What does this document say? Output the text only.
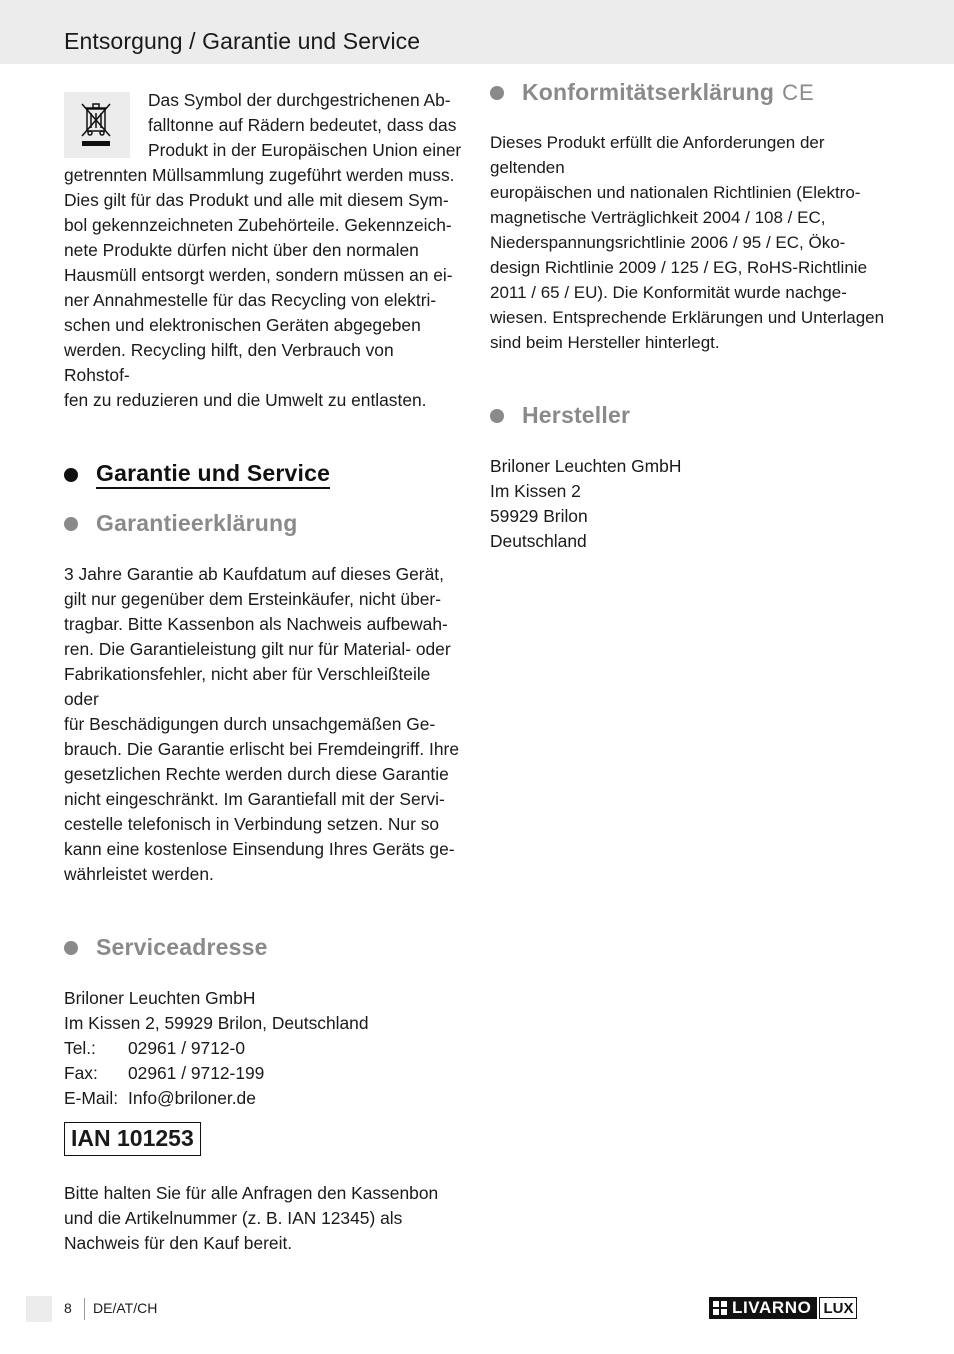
Entsorgung / Garantie und Service
Das Symbol der durchgestrichenen Ab-
falltonne auf Rädern bedeutet, dass das
Produkt in der Europäischen Union einer
getrennten Müllsammlung zugeführt werden muss.
Dies gilt für das Produkt und alle mit diesem Sym-
bol gekennzeichneten Zubehörteile. Gekennzeich-
nete Produkte dürfen nicht über den normalen
Hausmüll entsorgt werden, sondern müssen an ei-
ner Annahmestelle für das Recycling von elektri-
schen und elektronischen Geräten abgegeben
werden. Recycling hilft, den Verbrauch von Rohstof-
fen zu reduzieren und die Umwelt zu entlasten.
Garantie und Service
Garantieerklärung
3 Jahre Garantie ab Kaufdatum auf dieses Gerät,
gilt nur gegenüber dem Ersteinkäufer, nicht über-
tragbar. Bitte Kassenbon als Nachweis aufbewah-
ren. Die Garantieleistung gilt nur für Material- oder
Fabrikationsfehler, nicht aber für Verschleißteile oder
für Beschädigungen durch unsachgemäßen Ge-
brauch. Die Garantie erlischt bei Fremdeingriff. Ihre
gesetzlichen Rechte werden durch diese Garantie
nicht eingeschränkt. Im Garantiefall mit der Servi-
cestelle telefonisch in Verbindung setzen. Nur so
kann eine kostenlose Einsendung Ihres Geräts ge-
währleistet werden.
Serviceadresse
Briloner Leuchten GmbH
Im Kissen 2, 59929 Brilon, Deutschland
Tel.:	02961 / 9712-0
Fax:	02961 / 9712-199
E-Mail: Info@briloner.de
IAN 101253
Bitte halten Sie für alle Anfragen den Kassenbon
und die Artikelnummer (z. B. IAN 12345) als
Nachweis für den Kauf bereit.
Konformitätserklärung CE
Dieses Produkt erfüllt die Anforderungen der geltenden
europäischen und nationalen Richtlinien (Elektro-
magnetische Verträglichkeit 2004 / 108 / EC,
Niederspannungsrichtlinie 2006 / 95 / EC, Öko-
design Richtlinie 2009 / 125 / EG, RoHS-Richtlinie
2011 / 65 / EU). Die Konformität wurde nachge-
wiesen. Entsprechende Erklärungen und Unterlagen
sind beim Hersteller hinterlegt.
Hersteller
Briloner Leuchten GmbH
Im Kissen 2
59929 Brilon
Deutschland
8 DE/AT/CH	LIVARNO LUX
